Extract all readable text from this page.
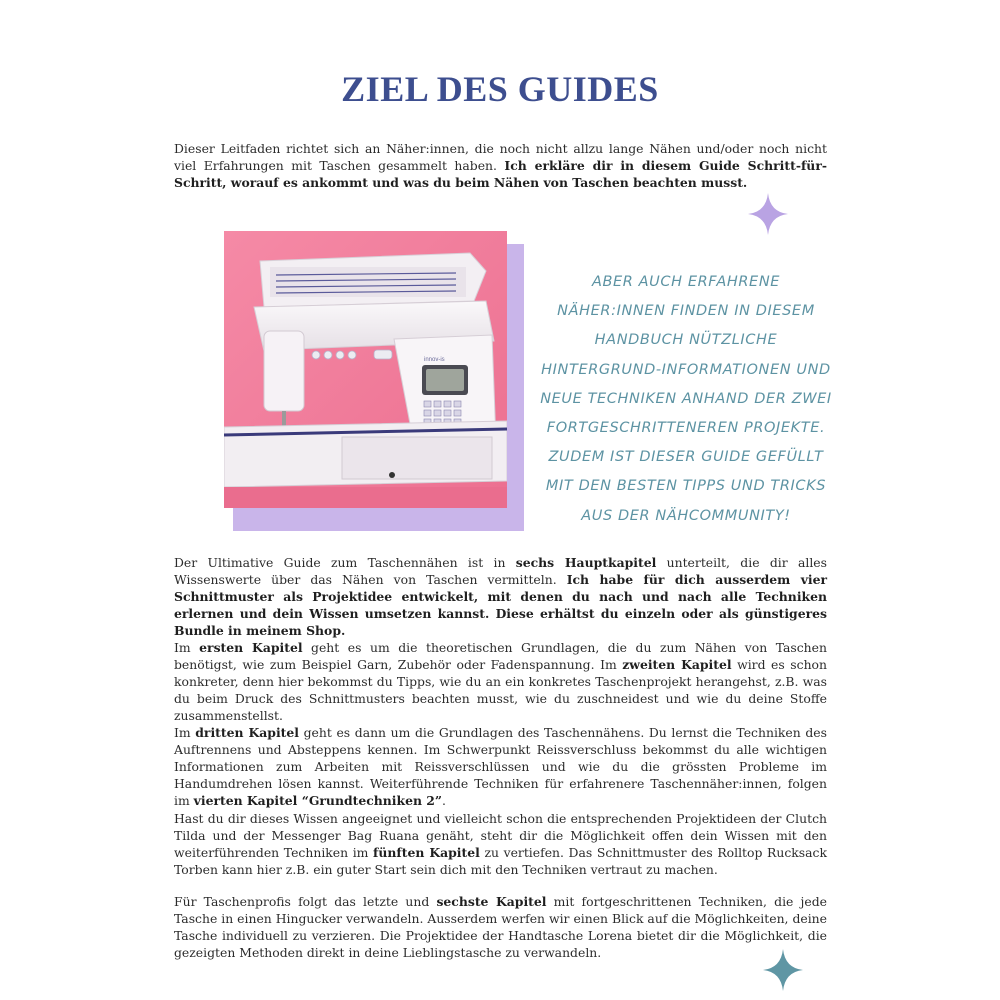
ZIEL DES GUIDES

Dieser Leitfaden richtet sich an Näher:innen, die noch nicht allzu lange Nähen und/oder noch nicht viel Erfahrungen mit Taschen gesammelt haben. Ich erkläre dir in diesem Guide Schritt-für-Schritt, worauf es ankommt und was du beim Nähen von Taschen beachten musst.

innov-is
ABER AUCH ERFAHRENE NÄHER:INNEN FINDEN IN DIESEM HANDBUCH NÜTZLICHE HINTERGRUND-INFORMATIONEN UND NEUE TECHNIKEN ANHAND DER ZWEI FORTGESCHRITTENEREN PROJEKTE. ZUDEM IST DIESER GUIDE GEFÜLLT MIT DEN BESTEN TIPPS UND TRICKS AUS DER NÄHCOMMUNITY!

Der Ultimative Guide zum Taschennähen ist in sechs Hauptkapitel unterteilt, die dir alles Wissenswerte über das Nähen von Taschen vermitteln. Ich habe für dich ausserdem vier Schnittmuster als Projektidee entwickelt, mit denen du nach und nach alle Techniken erlernen und dein Wissen umsetzen kannst. Diese erhältst du einzeln oder als günstigeres Bundle in meinem Shop.

Im ersten Kapitel geht es um die theoretischen Grundlagen, die du zum Nähen von Taschen benötigst, wie zum Beispiel Garn, Zubehör oder Fadenspannung. Im zweiten Kapitel wird es schon konkreter, denn hier bekommst du Tipps, wie du an ein konkretes Taschenprojekt herangehst, z.B. was du beim Druck des Schnittmusters beachten musst, wie du zuschneidest und wie du deine Stoffe zusammenstellst.
Im dritten Kapitel geht es dann um die Grundlagen des Taschennähens. Du lernst die Techniken des Auftrennens und Absteppens kennen. Im Schwerpunkt Reissverschluss bekommst du alle wichtigen Informationen zum Arbeiten mit Reissverschlüssen und wie du die grössten Probleme im Handumdrehen lösen kannst. Weiterführende Techniken für erfahrenere Taschennäher:innen, folgen im vierten Kapitel “Grundtechniken 2”.

Hast du dir dieses Wissen angeeignet und vielleicht schon die entsprechenden Projektideen der Clutch Tilda und der Messenger Bag Ruana genäht, steht dir die Möglichkeit offen dein Wissen mit den weiterführenden Techniken im fünften Kapitel zu vertiefen. Das Schnittmuster des Rolltop Rucksack Torben kann hier z.B. ein guter Start sein dich mit den Techniken vertraut zu machen.

Für Taschenprofis folgt das letzte und sechste Kapitel mit fortgeschrittenen Techniken, die jede Tasche in einen Hingucker verwandeln. Ausserdem werfen wir einen Blick auf die Möglichkeiten, deine Tasche individuell zu verzieren. Die Projektidee der Handtasche Lorena bietet dir die Möglichkeit, die gezeigten Methoden direkt in deine Lieblingstasche zu verwandeln.
